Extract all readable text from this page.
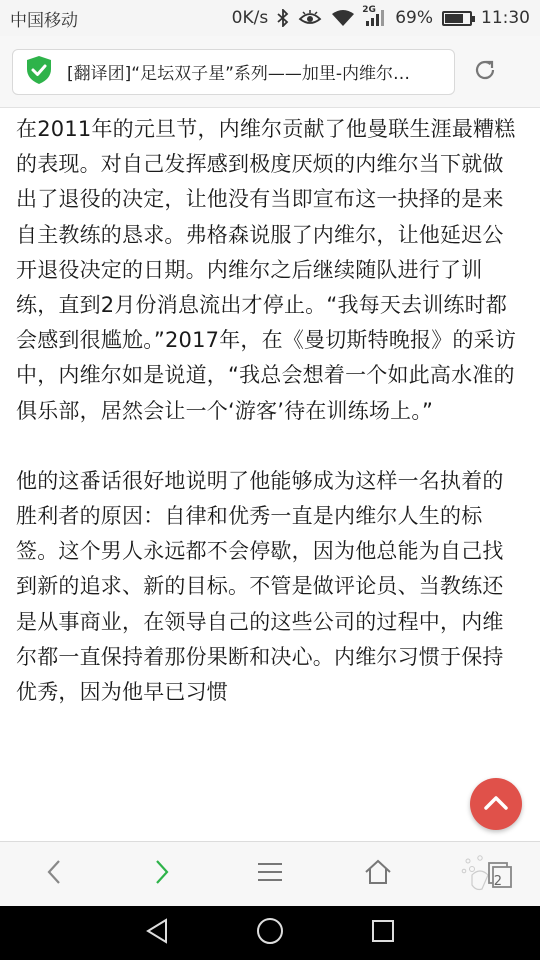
中国移动	0K/s	2G 69%	11:30
[翻译团]“足坛双子星”系列——加里-内维尔…

在2011年的元旦节，内维尔贡献了他曼联生涯最糟糕的表现。对自己发挥感到极度厌烦的内维尔当下就做出了退役的决定，让他没有当即宣布这一抉择的是来自主教练的恳求。弗格森说服了内维尔，让他延迟公开退役决定的日期。内维尔之后继续随队进行了训练，直到2月份消息流出才停止。“我每天去训练时都会感到很尴尬。”2017年，在《曼切斯特晚报》的采访中，内维尔如是说道，“我总会想着一个如此高水准的俱乐部，居然会让一个‘游客’待在训练场上。”

他的这番话很好地说明了他能够成为这样一名执着的胜利者的原因：自律和优秀一直是内维尔人生的标签。这个男人永远都不会停歇，因为他总能为自己找到新的追求、新的目标。不管是做评论员、当教练还是从事商业，在领导自己的这些公司的过程中，内维尔都一直保持着那份果断和决心。内维尔习惯于保持优秀，因为他早已习惯

2
